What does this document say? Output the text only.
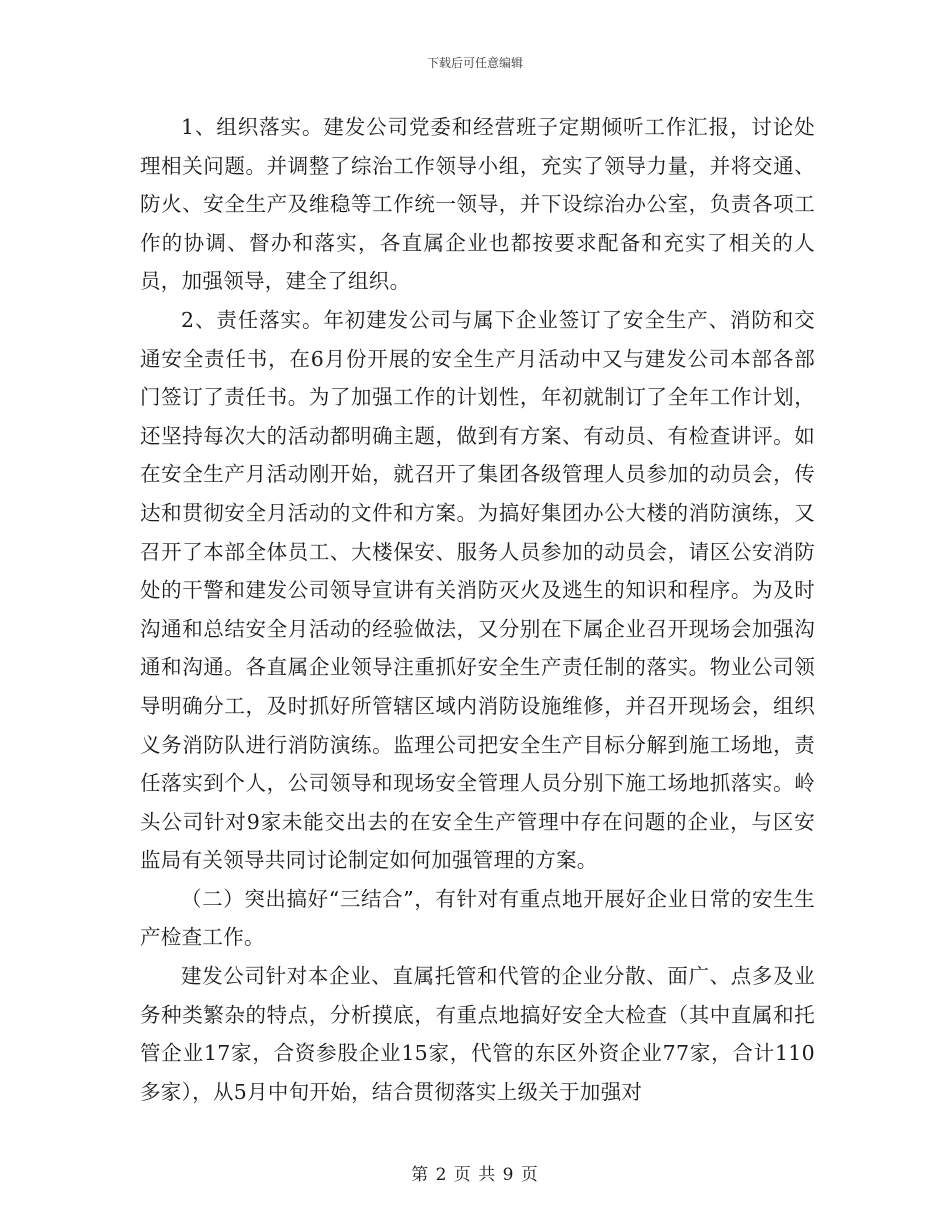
下载后可任意编辑

1、组织落实。建发公司党委和经营班子定期倾听工作汇报，讨论处理相关问题。并调整了综治工作领导小组，充实了领导力量，并将交通、防火、安全生产及维稳等工作统一领导，并下设综治办公室，负责各项工作的协调、督办和落实，各直属企业也都按要求配备和充实了相关的人员，加强领导，建全了组织。

2、责任落实。年初建发公司与属下企业签订了安全生产、消防和交通安全责任书，在6月份开展的安全生产月活动中又与建发公司本部各部门签订了责任书。为了加强工作的计划性，年初就制订了全年工作计划，还坚持每次大的活动都明确主题，做到有方案、有动员、有检查讲评。如在安全生产月活动刚开始，就召开了集团各级管理人员参加的动员会，传达和贯彻安全月活动的文件和方案。为搞好集团办公大楼的消防演练，又召开了本部全体员工、大楼保安、服务人员参加的动员会，请区公安消防处的干警和建发公司领导宣讲有关消防灭火及逃生的知识和程序。为及时沟通和总结安全月活动的经验做法，又分别在下属企业召开现场会加强沟通和沟通。各直属企业领导注重抓好安全生产责任制的落实。物业公司领导明确分工，及时抓好所管辖区域内消防设施维修，并召开现场会，组织义务消防队进行消防演练。监理公司把安全生产目标分解到施工场地，责任落实到个人，公司领导和现场安全管理人员分别下施工场地抓落实。岭头公司针对9家未能交出去的在安全生产管理中存在问题的企业，与区安监局有关领导共同讨论制定如何加强管理的方案。

（二）突出搞好“三结合”，有针对有重点地开展好企业日常的安生生产检查工作。

建发公司针对本企业、直属托管和代管的企业分散、面广、点多及业务种类繁杂的特点，分析摸底，有重点地搞好安全大检查（其中直属和托管企业17家，合资参股企业15家，代管的东区外资企业77家，合计110多家），从5月中旬开始，结合贯彻落实上级关于加强对

第 2 页 共 9 页
